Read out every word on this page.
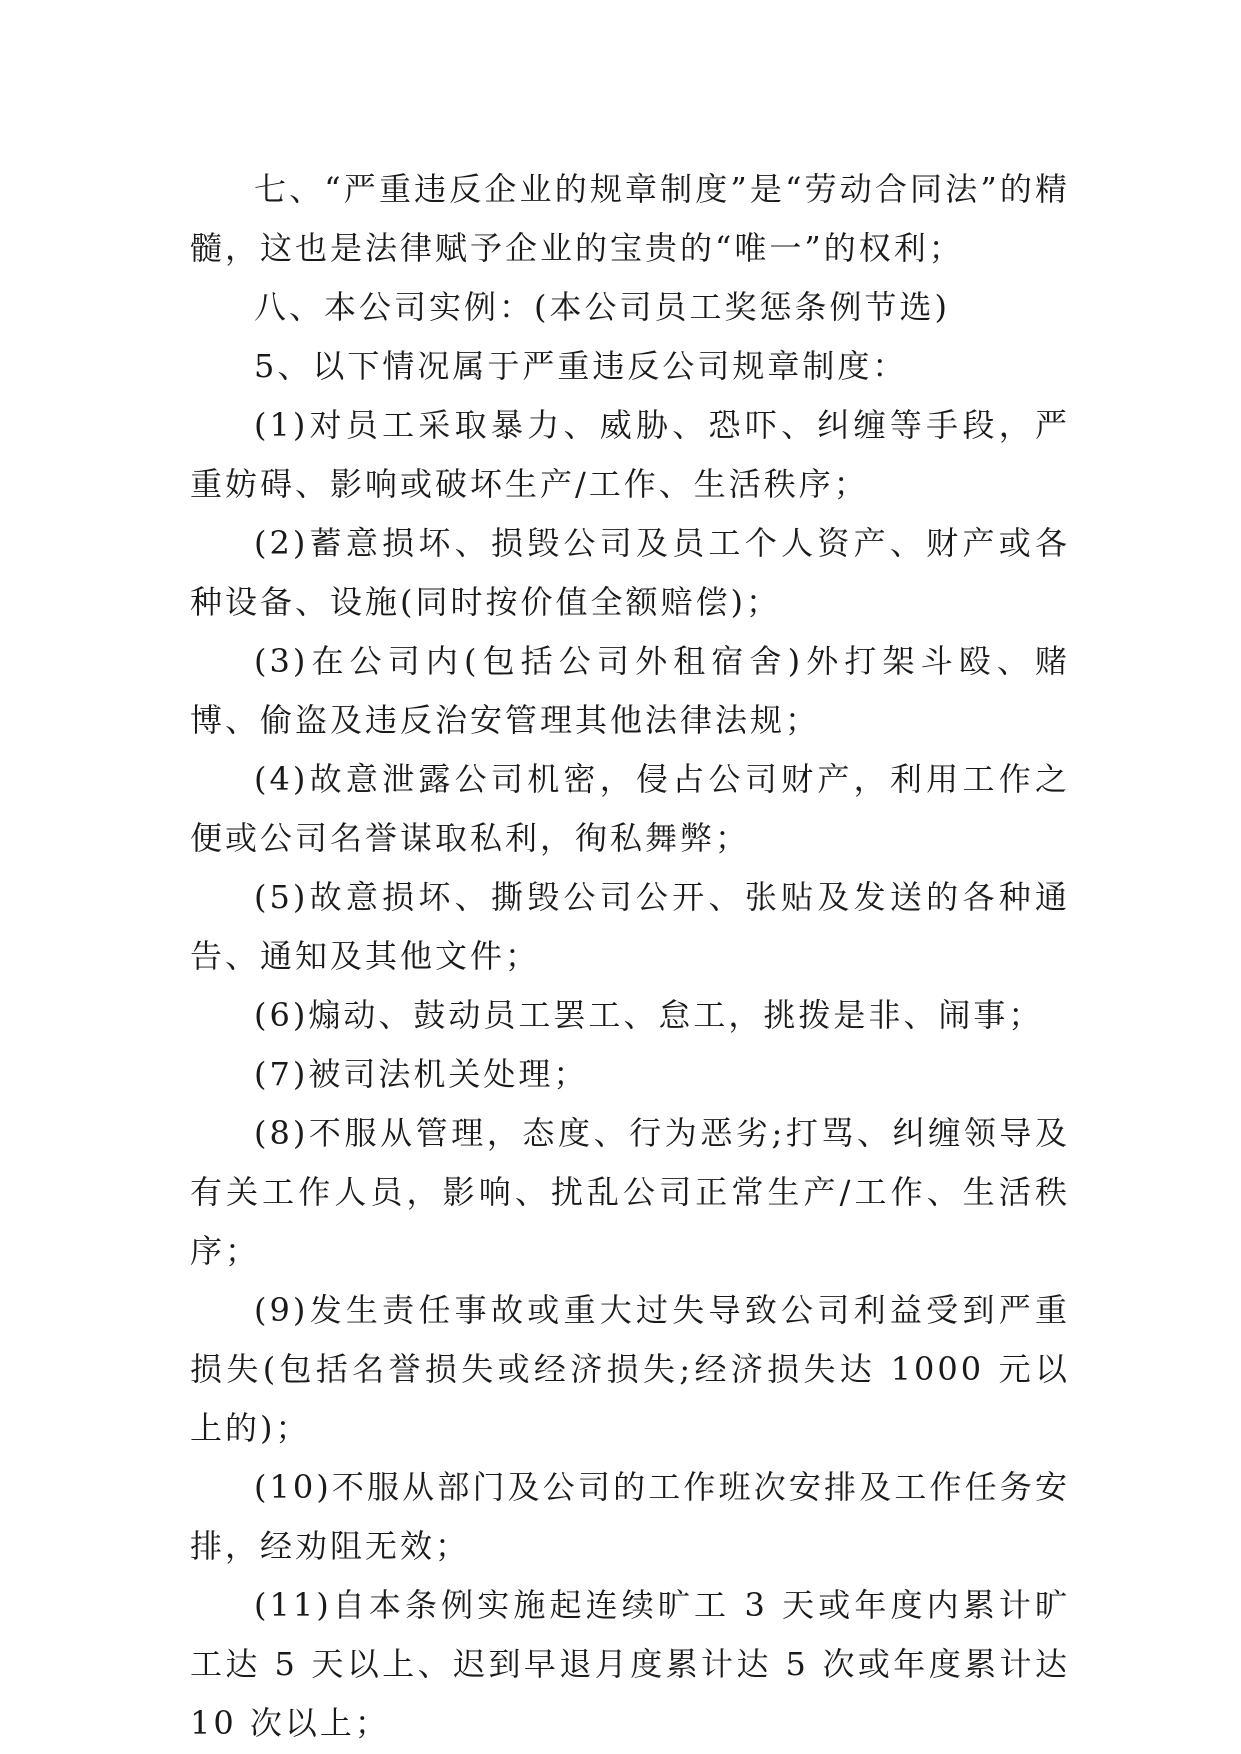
七、“严重违反企业的规章制度”是“劳动合同法”的精髓，这也是法律赋予企业的宝贵的“唯一”的权利；

八、本公司实例：(本公司员工奖惩条例节选)

5、以下情况属于严重违反公司规章制度：

(1)对员工采取暴力、威胁、恐吓、纠缠等手段，严重妨碍、影响或破坏生产/工作、生活秩序；

(2)蓄意损坏、损毁公司及员工个人资产、财产或各种设备、设施(同时按价值全额赔偿)；

(3)在公司内(包括公司外租宿舍)外打架斗殴、赌博、偷盗及违反治安管理其他法律法规；

(4)故意泄露公司机密，侵占公司财产，利用工作之便或公司名誉谋取私利，徇私舞弊；

(5)故意损坏、撕毁公司公开、张贴及发送的各种通告、通知及其他文件；

(6)煽动、鼓动员工罢工、怠工，挑拨是非、闹事；

(7)被司法机关处理；

(8)不服从管理，态度、行为恶劣;打骂、纠缠领导及有关工作人员，影响、扰乱公司正常生产/工作、生活秩序；

(9)发生责任事故或重大过失导致公司利益受到严重损失(包括名誉损失或经济损失;经济损失达 1000 元以上的)；

(10)不服从部门及公司的工作班次安排及工作任务安排，经劝阻无效；

(11)自本条例实施起连续旷工 3 天或年度内累计旷工达 5 天以上、迟到早退月度累计达 5 次或年度累计达 10 次以上；
